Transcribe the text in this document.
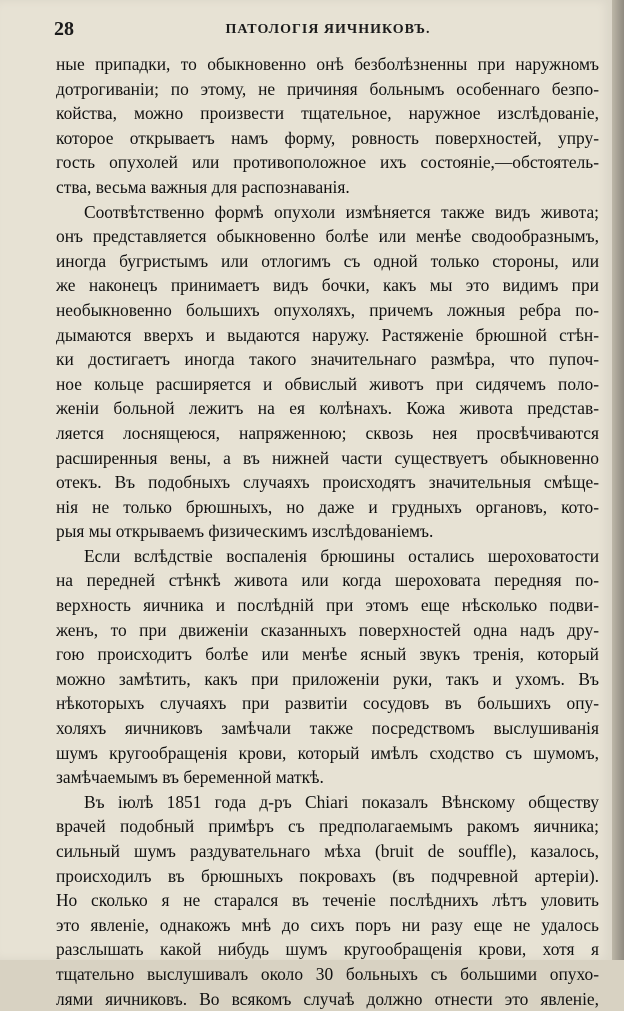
28	ПАТОЛОГІЯ ЯИЧНИКОВЪ.

ные припадки, то обыкновенно онѣ безболѣзненны при наружномъ

дотрогиваніи; по этому, не причиняя больнымъ особеннаго безпо-

койства, можно произвести тщательное, наружное изслѣдованіе,

которое открываетъ намъ форму, ровность поверхностей, упру-

гость опухолей или противоположное ихъ состояніе,—обстоятель-

ства, весьма важныя для распознаванія.

Соотвѣтственно формѣ опухоли измѣняется также видъ живота;

онъ представляется обыкновенно болѣе или менѣе сводообразнымъ,

иногда бугристымъ или отлогимъ съ одной только стороны, или

же наконецъ принимаетъ видъ бочки, какъ мы это видимъ при

необыкновенно большихъ опухоляхъ, причемъ ложныя ребра по-

дымаются вверхъ и выдаются наружу. Растяженіе брюшной стѣн-

ки достигаетъ иногда такого значительнаго размѣра, что пупоч-

ное кольце расширяется и обвислый животъ при сидячемъ поло-

женіи больной лежитъ на ея колѣнахъ. Кожа живота представ-

ляется лоснящеюся, напряженною; сквозь нея просвѣчиваются

расширенныя вены, а въ нижней части существуетъ обыкновенно

отекъ. Въ подобныхъ случаяхъ происходятъ значительныя смѣще-

нія не только брюшныхъ, но даже и грудныхъ органовъ, кото-

рыя мы открываемъ физическимъ изслѣдованіемъ.

Если вслѣдствіе воспаленія брюшины остались шероховатости

на передней стѣнкѣ живота или когда шероховата передняя по-

верхность яичника и послѣдній при этомъ еще нѣсколько подви-

женъ, то при движеніи сказанныхъ поверхностей одна надъ дру-

гою происходитъ болѣе или менѣе ясный звукъ тренія, который

можно замѣтить, какъ при приложеніи руки, такъ и ухомъ. Въ

нѣкоторыхъ случаяхъ при развитіи сосудовъ въ большихъ опу-

холяхъ яичниковъ замѣчали также посредствомъ выслушиванія

шумъ кругообращенія крови, который имѣлъ сходство съ шумомъ,

замѣчаемымъ въ беременной маткѣ.

Въ іюлѣ 1851 года д-ръ Chiari показалъ Вѣнскому обществу

врачей подобный примѣръ съ предполагаемымъ ракомъ яичника;

сильный шумъ раздувательнаго мѣха (bruit de souffle), казалось,

происходилъ въ брюшныхъ покровахъ (въ подчревной артеріи).

Но сколько я не старался въ теченіе послѣднихъ лѣтъ уловить

это явленіе, однакожъ мнѣ до сихъ поръ ни разу еще не удалось

разслышать какой нибудь шумъ кругообращенія крови, хотя я

тщательно выслушивалъ около 30 больныхъ съ большими опухо-

лями яичниковъ. Во всякомъ случаѣ должно отнести это явленіе,
